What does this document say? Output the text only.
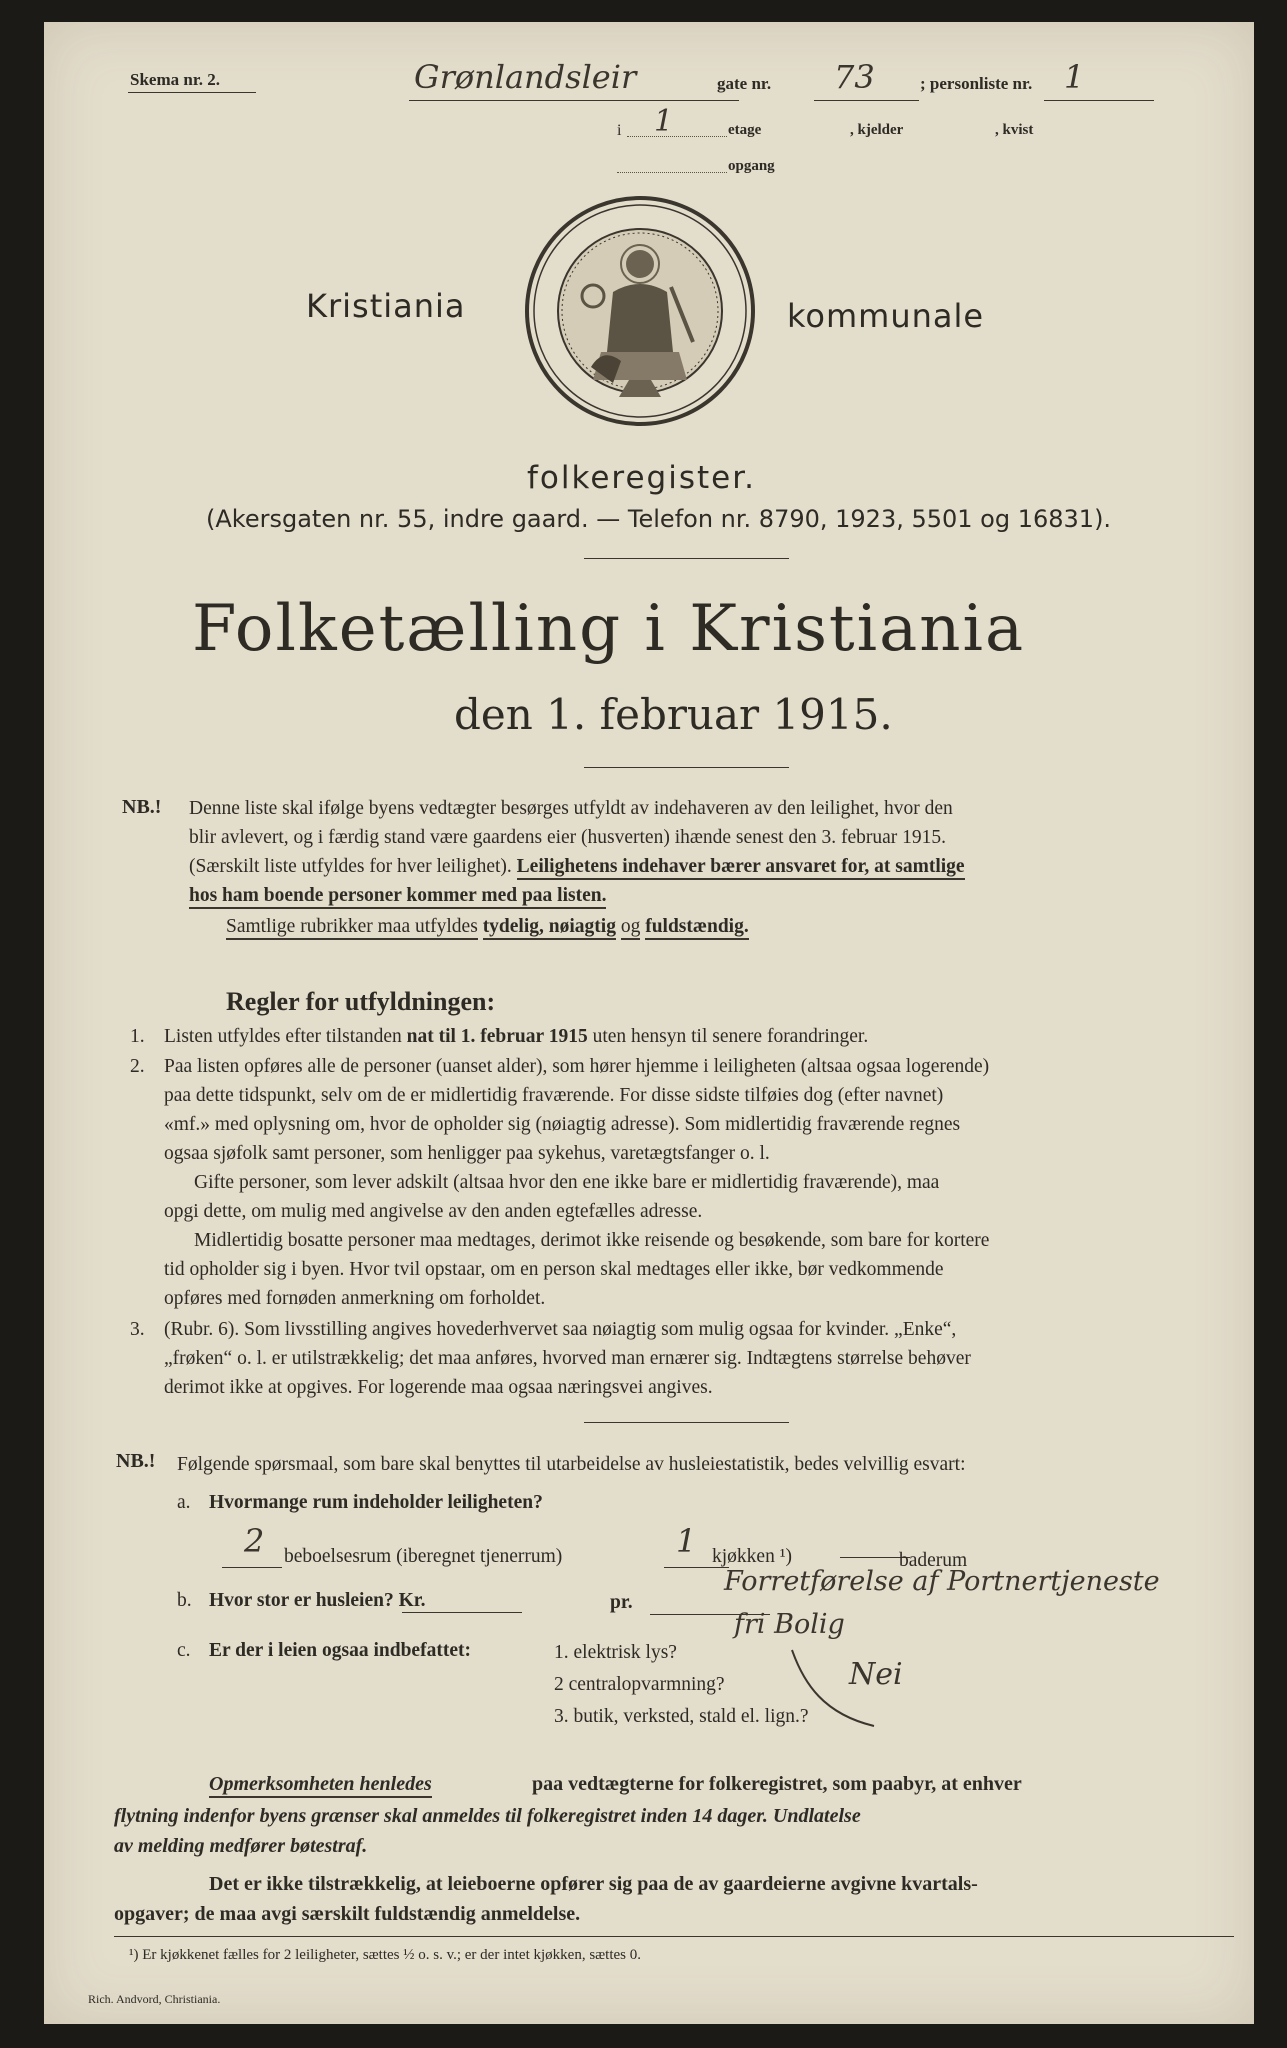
Skema nr. 2.	Grønlandsleir	gate nr. 73	; personliste nr. 1
i 1	etage	, kjelder	, kvist
opgang
Kristiania	kommunale
folkeregister.
(Akersgaten nr. 55, indre gaard. — Telefon nr. 8790, 1923, 5501 og 16831).
Folketælling i Kristiania
den 1. februar 1915.
NB.! Denne liste skal ifølge byens vedtægter besørges utfyldt av indehaveren av den leilighet, hvor den
blir avlevert, og i færdig stand være gaardens eier (husverten) ihænde senest den 3. februar 1915.
(Særskilt liste utfyldes for hver leilighet). Leilighetens indehaver bærer ansvaret for, at samtlige
hos ham boende personer kommer med paa listen.
Samtlige rubrikker maa utfyldes tydelig, nøiagtig og fuldstændig.
Regler for utfyldningen:
1. Listen utfyldes efter tilstanden nat til 1. februar 1915 uten hensyn til senere forandringer.
2. Paa listen opføres alle de personer (uanset alder), som hører hjemme i leiligheten (altsaa ogsaa logerende)
paa dette tidspunkt, selv om de er midlertidig fraværende. For disse sidste tilføies dog (efter navnet)
«mf.» med oplysning om, hvor de opholder sig (nøiagtig adresse). Som midlertidig fraværende regnes
ogsaa sjøfolk samt personer, som henligger paa sykehus, varetægtsfanger o. l.
Gifte personer, som lever adskilt (altsaa hvor den ene ikke bare er midlertidig fraværende), maa
opgi dette, om mulig med angivelse av den anden egtefælles adresse.
Midlertidig bosatte personer maa medtages, derimot ikke reisende og besøkende, som bare for kortere
tid opholder sig i byen. Hvor tvil opstaar, om en person skal medtages eller ikke, bør vedkommende
opføres med fornøden anmerkning om forholdet.
3. (Rubr. 6). Som livsstilling angives hovederhvervet saa nøiagtig som mulig ogsaa for kvinder. „Enke“,
„frøken“ o. l. er utilstrækkelig; det maa anføres, hvorved man ernærer sig. Indtægtens størrelse behøver
derimot ikke at opgives. For logerende maa ogsaa næringsvei angives.
NB.! Følgende spørsmaal, som bare skal benyttes til utarbeidelse av husleiestatistik, bedes velvillig esvart:
a. Hvormange rum indeholder leiligheten?
2 beboelsesrum (iberegnet tjenerrum)	1 kjøkken ¹)	baderum
b. Hvor stor er husleien? Kr.	pr.
Forretførelse af Portnertjeneste
fri Bolig
c. Er der i leien ogsaa indbefattet:	1. elektrisk lys?
2 centralopvarmning?
3. butik, verksted, stald el. lign.?
Nei
Opmerksomheten henledes	paa vedtægterne for folkeregistret, som paabyr, at enhver
flytning indenfor byens grænser skal anmeldes til folkeregistret inden 14 dager. Undlatelse
av melding medfører bøtestraf.
Det er ikke tilstrækkelig, at leieboerne opfører sig paa de av gaardeierne avgivne kvartals-
opgaver; de maa avgi særskilt fuldstændig anmeldelse.
¹) Er kjøkkenet fælles for 2 leiligheter, sættes ½ o. s. v.; er der intet kjøkken, sættes 0.
Rich. Andvord, Christiania.
